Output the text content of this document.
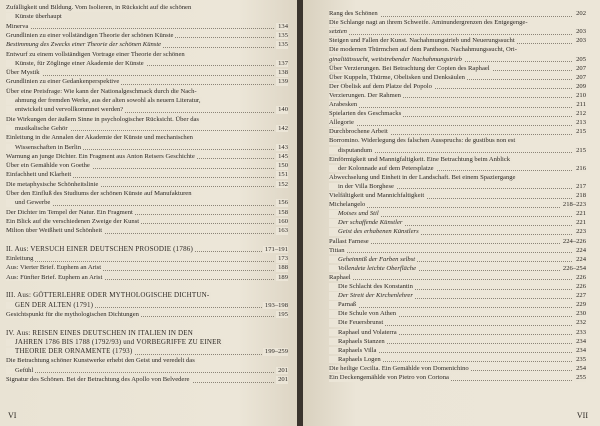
Zufälligkeit und Bildung. Vom Isolieren, in Rücksicht auf die schönen
Künste überhaupt
Minerva	134
Grundlinien zu einer vollständigen Theorie der schönen Künste	135
Bestimmung des Zwecks einer Theorie der schönen Künste	135
Entwurf zu einem vollständigen Vortrage einer Theorie der schönen
Künste, für Zöglinge einer Akademie der Künste	137
Über Mystik	138
Grundlinien zu einer Gedankenperspektive	139
Über eine Preisfrage: Wie kann der Nationalgeschmack durch die Nach-
ahmung der fremden Werke, aus der alten sowohl als neuern Literatur,
entwickelt und vervollkommnet werden?	140
Die Wirkungen der äußern Sinne in psychologischer Rücksicht. Über das
musikalische Gehör	142
Einleitung in die Annalen der Akademie der Künste und mechanischen
Wissenschaften in Berlin	143
Warnung an junge Dichter. Ein Fragment aus Anton Reisers Geschichte	145
Über ein Gemählde von Goethe	150
Einfachheit und Klarheit	151
Die metaphysische Schönheitslinie	152
Über den Einfluß des Studiums der schönen Künste auf Manufakturen
und Gewerbe	156
Der Dichter im Tempel der Natur. Ein Fragment	158
Ein Blick auf die verschiedenen Zweige der Kunst	160
Milton über Weißheit und Schönheit	163
II. Aus: VERSUCH EINER DEUTSCHEN PROSODIE (1786)	171–191
Einleitung	173
Aus: Vierter Brief. Euphem an Arist	188
Aus: Fünfter Brief. Euphem an Arist	189
III. Aus: GÖTTERLEHRE ODER MYTHOLOGISCHE DICHTUN-
GEN DER ALTEN (1791)	193–198
Gesichtspunkt für die mythologischen Dichtungen	195
IV. Aus: REISEN EINES DEUTSCHEN IN ITALIEN IN DEN
JAHREN 1786 BIS 1788 (1792/93) und VORBEGRIFFE ZU EINER
THEORIE DER ORNAMENTE (1793)	199–259
Die Betrachtung schöner Kunstwerke erhebt den Geist und veredelt das
Gefühl	201
Signatur des Schönen. Bei der Betrachtung des Apollo von Belvedere	201
VI
Rang des Schönen	202
Die Schlange nagt an ihrem Schweife. Aminundergrenzen des Entgegenge-
setzten	203
Steigen und Fallen der Kunst. Nachahmungstrieb und Neuerungssucht	203
Die modernen Thürmchen auf dem Pantheon. Nachahmungssucht, Ori-
ginalitätssucht, weitstrebender Nachahmungstrieb	205
Über Verzierungen. Bei Betrachtung der Copien des Raphael	207
Über Kuppeln, Thürme, Obelisken und Denksäulen	207
Der Obelisk auf dem Platze del Popolo	209
Verzierungen. Der Rahmen	210
Arabesken	211
Spielarten des Geschmacks	212
Allegorie	213
Durchbrochene Arbeit	215
Borromino. Widerlegung des falschen Ausspruchs: de gustibus non est
disputandum	215
Einförmigkeit und Mannigfaltigkeit. Eine Betrachtung beim Anblick
der Kolonnade auf dem Petersplatze	216
Abwechselung und Einheit in der Landschaft. Bei einem Spaziergange
in der Villa Borghese	217
Vielfältigkeit und Mannichfaltigkeit	218
Michelangelo	218–223
Moises und Stil	221
Der schaffende Künstler	221
Geist des erhabenen Künstlers	223
Pallast Farnese	224–226
Titian	224
Geheimniß der Farben selbst	224
Vollendete leichte Oberfläche	226–254
Raphael	226
Die Schlacht des Konstantin	226
Der Streit der Kirchenlehrer	227
Parnaß	229
Die Schule von Athen	230
Die Feuersbrunst	232
Raphael und Volaterra	233
Raphaels Stanzen	234
Raphaels Villa	234
Raphaels Logen	235
Die heilige Cecilia. Ein Gemählde von Domenichino	254
Ein Deckengemählde von Pietro von Cortona	255
VII
